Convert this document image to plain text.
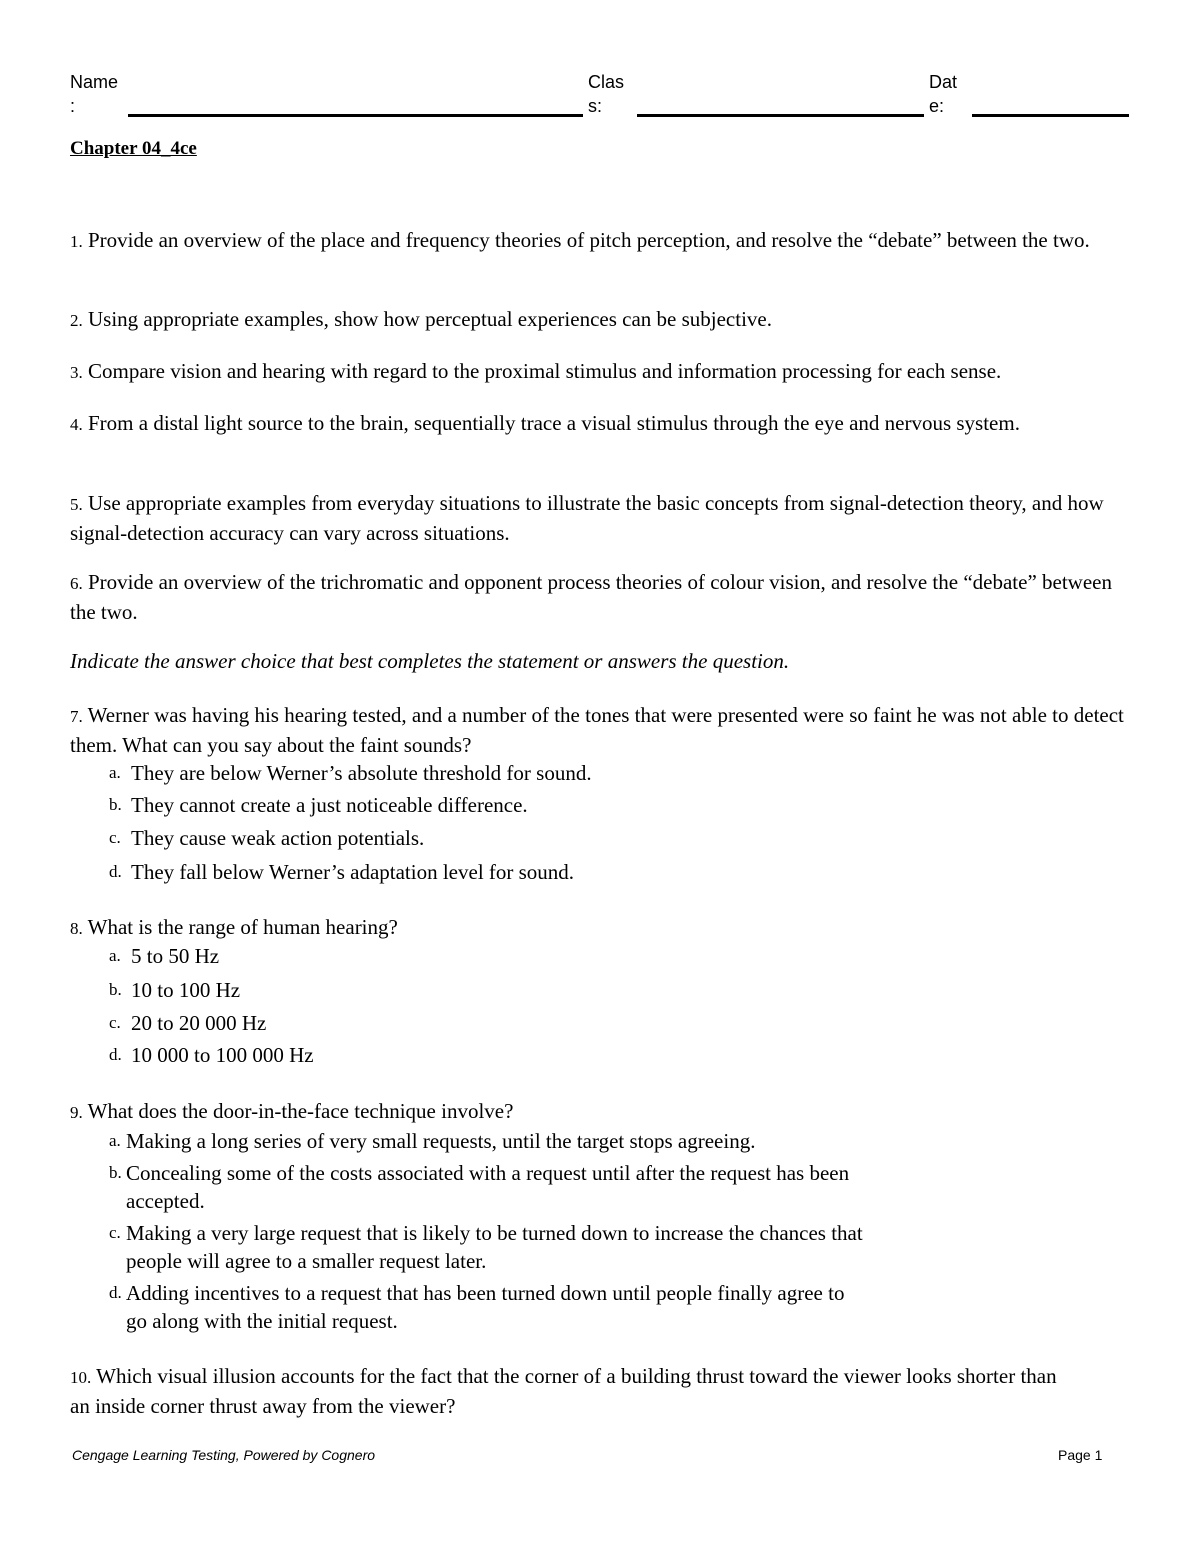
Name
:
Clas
s:
Dat
e:
Chapter 04_4ce
1. Provide an overview of the place and frequency theories of pitch perception, and resolve the “debate” between the two.
2. Using appropriate examples, show how perceptual experiences can be subjective.
3. Compare vision and hearing with regard to the proximal stimulus and information processing for each sense.
4. From a distal light source to the brain, sequentially trace a visual stimulus through the eye and nervous system.
5. Use appropriate examples from everyday situations to illustrate the basic concepts from signal-detection theory, and how signal-detection accuracy can vary across situations.
6. Provide an overview of the trichromatic and opponent process theories of colour vision, and resolve the “debate” between the two.
Indicate the answer choice that best completes the statement or answers the question.
7. Werner was having his hearing tested, and a number of the tones that were presented were so faint he was not able to detect them. What can you say about the faint sounds?
a. They are below Werner’s absolute threshold for sound.
b. They cannot create a just noticeable difference.
c. They cause weak action potentials.
d. They fall below Werner’s adaptation level for sound.
8. What is the range of human hearing?
a. 5 to 50 Hz
b. 10 to 100 Hz
c. 20 to 20 000 Hz
d. 10 000 to 100 000 Hz
9. What does the door-in-the-face technique involve?
a. Making a long series of very small requests, until the target stops agreeing.
b. Concealing some of the costs associated with a request until after the request has been accepted.
c. Making a very large request that is likely to be turned down to increase the chances that people will agree to a smaller request later.
d. Adding incentives to a request that has been turned down until people finally agree to go along with the initial request.
10. Which visual illusion accounts for the fact that the corner of a building thrust toward the viewer looks shorter than an inside corner thrust away from the viewer?
Cengage Learning Testing, Powered by Cognero	Page 1
